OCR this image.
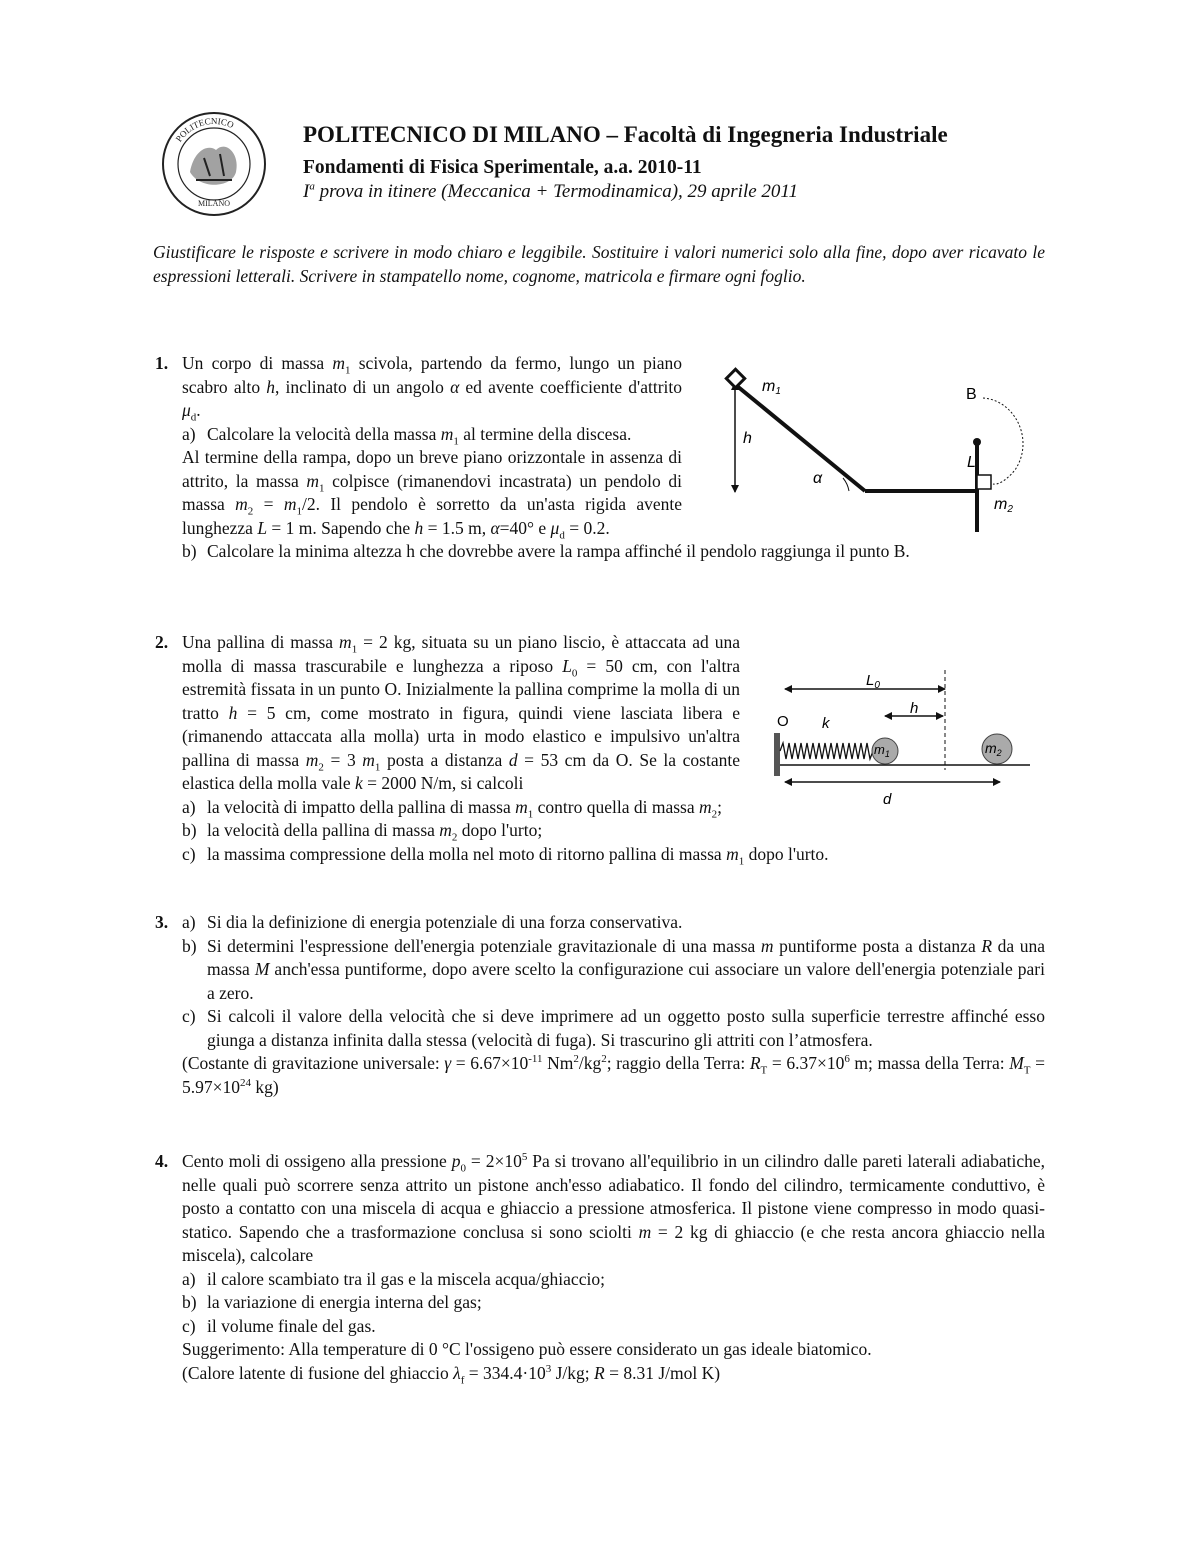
POLITECNICO
MILANO
POLITECNICO DI MILANO – Facoltà di Ingegneria Industriale
Fondamenti di Fisica Sperimentale, a.a. 2010-11
$I^a$ prova in itinere (Meccanica + Termodinamica), 29 aprile 2011
Giustificare le risposte e scrivere in modo chiaro e leggibile. Sostituire i valori numerici solo alla fine, dopo aver ricavato le espressioni letterali. Scrivere in stampatello nome, cognome, matricola e firmare ogni foglio.
1. Un corpo di massa $m_1$ scivola, partendo da fermo, lungo un piano scabro alto h, inclinato di un angolo α ed avente coefficiente d'attrito $\mu_d$.

a) Calcolare la velocità della massa $m_1$ al termine della discesa.

Al termine della rampa, dopo un breve piano orizzontale in assenza di attrito, la massa $m_1$ colpisce (rimanendovi incastrata) un pendolo di massa $m_2 = m_1/2$. Il pendolo è sorretto da un'asta rigida avente lunghezza L = 1 m. Sapendo che h = 1.5 m, α=40° e $\mu_d = 0.2$.

b) Calcolare la minima altezza h che dovrebbe avere la rampa affinché il pendolo raggiunga il punto B.
m1
h
α
B
L
m2
2. Una pallina di massa $m_1 = 2$ kg, situata su un piano liscio, è attaccata ad una molla di massa trascurabile e lunghezza a riposo $L_0 = 50$ cm, con l'altra estremità fissata in un punto O. Inizialmente la pallina comprime la molla di un tratto h = 5 cm, come mostrato in figura, quindi viene lasciata libera e (rimanendo attaccata alla molla) urta in modo elastico e impulsivo un'altra pallina di massa $m_2 = 3$ $m_1$ posta a distanza d = 53 cm da O. Se la costante elastica della molla vale k = 2000 N/m, si calcoli

a) la velocità di impatto della pallina di massa $m_1$ contro quella di massa $m_2$;
b) la velocità della pallina di massa $m_2$ dopo l'urto;
c) la massima compressione della molla nel moto di ritorno pallina di massa $m_1$ dopo l'urto.
$L_0$
O k
h
$m_1$	$m_2$
d
3. a) Si dia la definizione di energia potenziale di una forza conservativa.
b) Si determini l'espressione dell'energia potenziale gravitazionale di una massa m puntiforme posta a distanza R da una massa M anch'essa puntiforme, dopo avere scelto la configurazione cui associare un valore dell'energia potenziale pari a zero.
c) Si calcoli il valore della velocità che si deve imprimere ad un oggetto posto sulla superficie terrestre affinché esso giunga a distanza infinita dalla stessa (velocità di fuga). Si trascurino gli attriti con l’atmosfera.

(Costante di gravitazione universale: $\gamma = 6.67\times 10^{-11}$ $Nm^2/kg^2$; raggio della Terra: $R_T = 6.37\times 10^6$ m; massa della Terra: $M_T = 5.97\times 10^{24}$ kg)

4. Cento moli di ossigeno alla pressione $p_0 = 2\times 10^5$ Pa si trovano all'equilibrio in un cilindro dalle pareti laterali adiabatiche, nelle quali può scorrere senza attrito un pistone anch'esso adiabatico. Il fondo del cilindro, termicamente conduttivo, è posto a contatto con una miscela di acqua e ghiaccio a pressione atmosferica. Il pistone viene compresso in modo quasi-statico. Sapendo che a trasformazione conclusa si sono sciolti m = 2 kg di ghiaccio (e che resta ancora ghiaccio nella miscela), calcolare

a) il calore scambiato tra il gas e la miscela acqua/ghiaccio;
b) la variazione di energia interna del gas;
c) il volume finale del gas.

Suggerimento: Alla temperature di 0 °C l'ossigeno può essere considerato un gas ideale biatomico.

(Calore latente di fusione del ghiaccio $\lambda_f = 334.4\cdot 10^3$ J/kg; R = 8.31 J/mol K)
